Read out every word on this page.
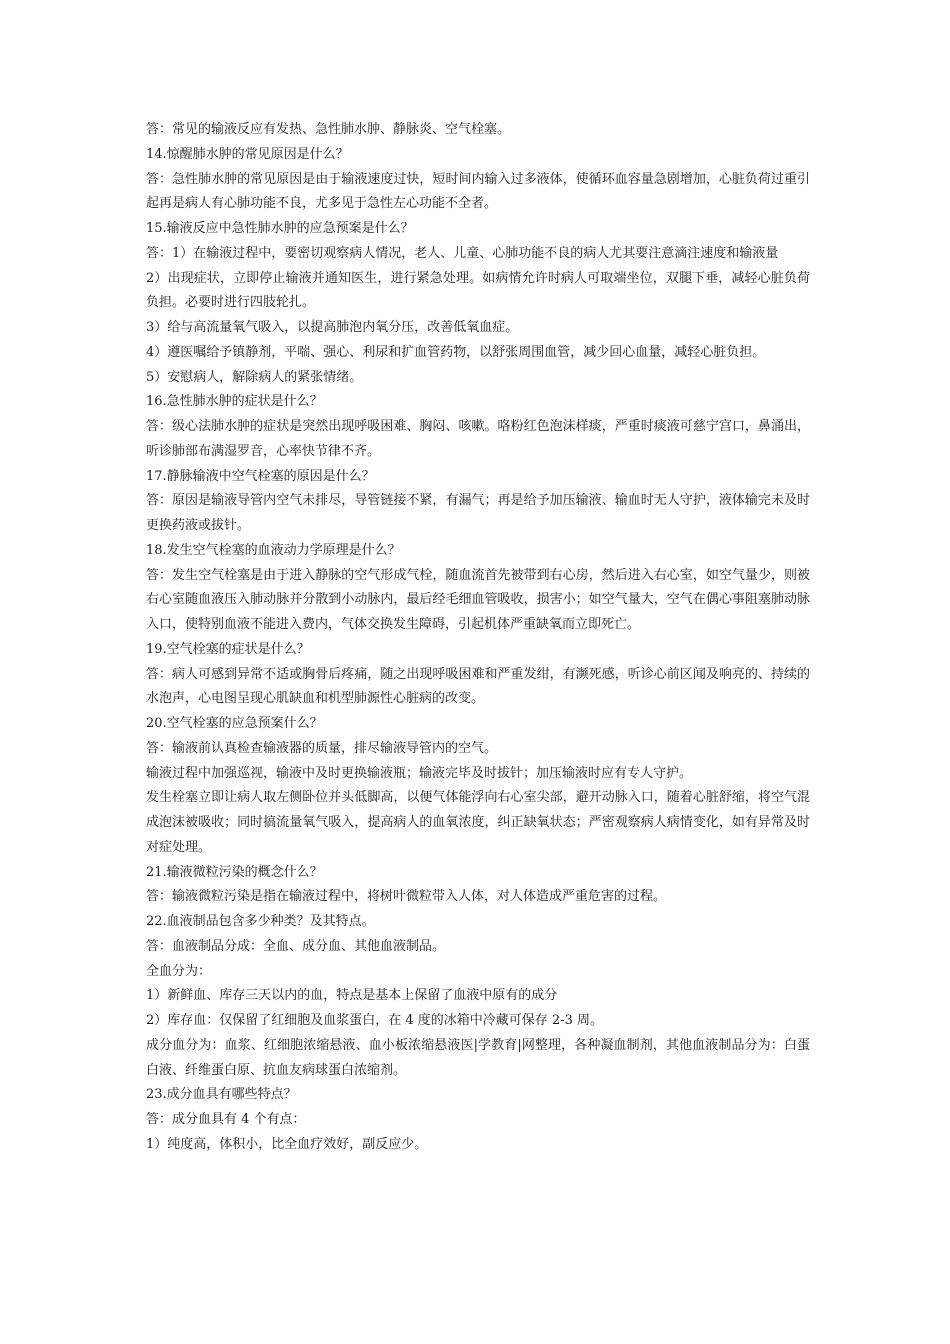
答：常见的输液反应有发热、急性肺水肿、静脉炎、空气栓塞。

14.惊醒肺水肿的常见原因是什么？

答：急性肺水肿的常见原因是由于输液速度过快，短时间内输入过多液体，使循环血容量急剧增加，心脏负荷过重引起再是病人有心肺功能不良，尤多见于急性左心功能不全者。

15.输液反应中急性肺水肿的应急预案是什么？

答：1）在输液过程中，要密切观察病人情况，老人、儿童、心肺功能不良的病人尤其要注意滴注速度和输液量

2）出现症状，立即停止输液并通知医生，进行紧急处理。如病情允许时病人可取端坐位，双腿下垂，减轻心脏负荷负担。必要时进行四肢轮扎。

3）给与高流量氧气吸入，以提高肺泡内氧分压，改善低氧血症。

4）遵医嘱给予镇静剂，平喘、强心、利尿和扩血管药物，以舒张周围血管，减少回心血量，减轻心脏负担。

5）安慰病人，解除病人的紧张情绪。

16.急性肺水肿的症状是什么？

答：级心法肺水肿的症状是突然出现呼吸困难、胸闷、咳嗽。咯粉红色泡沫样痰，严重时痰液可慈宁宫口，鼻涌出，听诊肺部布满湿罗音，心率快节律不齐。

17.静脉输液中空气栓塞的原因是什么？

答：原因是输液导管内空气未排尽，导管链接不紧，有漏气；再是给予加压输液、输血时无人守护，液体输完未及时更换药液或拔针。

18.发生空气栓塞的血液动力学原理是什么？

答：发生空气栓塞是由于进入静脉的空气形成气栓，随血流首先被带到右心房，然后进入右心室，如空气量少，则被右心室随血液压入肺动脉并分散到小动脉内，最后经毛细血管吸收，损害小；如空气量大，空气在偶心事阻塞肺动脉入口，使特别血液不能进入费内，气体交换发生障碍，引起机体严重缺氧而立即死亡。

19.空气栓塞的症状是什么？

答：病人可感到异常不适或胸骨后疼痛，随之出现呼吸困难和严重发绀，有濒死感，听诊心前区闻及响亮的、持续的水泡声，心电图呈现心肌缺血和机型肺源性心脏病的改变。

20.空气栓塞的应急预案什么？

答：输液前认真检查输液器的质量，排尽输液导管内的空气。

输液过程中加强巡视，输液中及时更换输液瓶；输液完毕及时拔针；加压输液时应有专人守护。

发生栓塞立即让病人取左侧卧位并头低脚高，以便气体能浮向右心室尖部，避开动脉入口，随着心脏舒缩，将空气混成泡沫被吸收；同时搞流量氧气吸入，提高病人的血氧浓度，纠正缺氧状态；严密观察病人病情变化，如有异常及时对症处理。

21.输液微粒污染的概念什么？

答：输液微粒污染是指在输液过程中，将树叶微粒带入人体，对人体造成严重危害的过程。

22.血液制品包含多少种类？及其特点。

答：血液制品分成：全血、成分血、其他血液制品。

全血分为：

1）新鲜血、库存三天以内的血，特点是基本上保留了血液中原有的成分

2）库存血：仅保留了红细胞及血浆蛋白，在 4 度的冰箱中冷藏可保存 2-3 周。

成分血分为：血浆、红细胞浓缩悬液、血小板浓缩悬液医|学教育|网整理，各种凝血制剂，其他血液制品分为：白蛋白液、纤维蛋白原、抗血友病球蛋白浓缩剂。

23.成分血具有哪些特点？

答：成分血具有 4 个有点：

1）纯度高，体积小，比全血疗效好，副反应少。
